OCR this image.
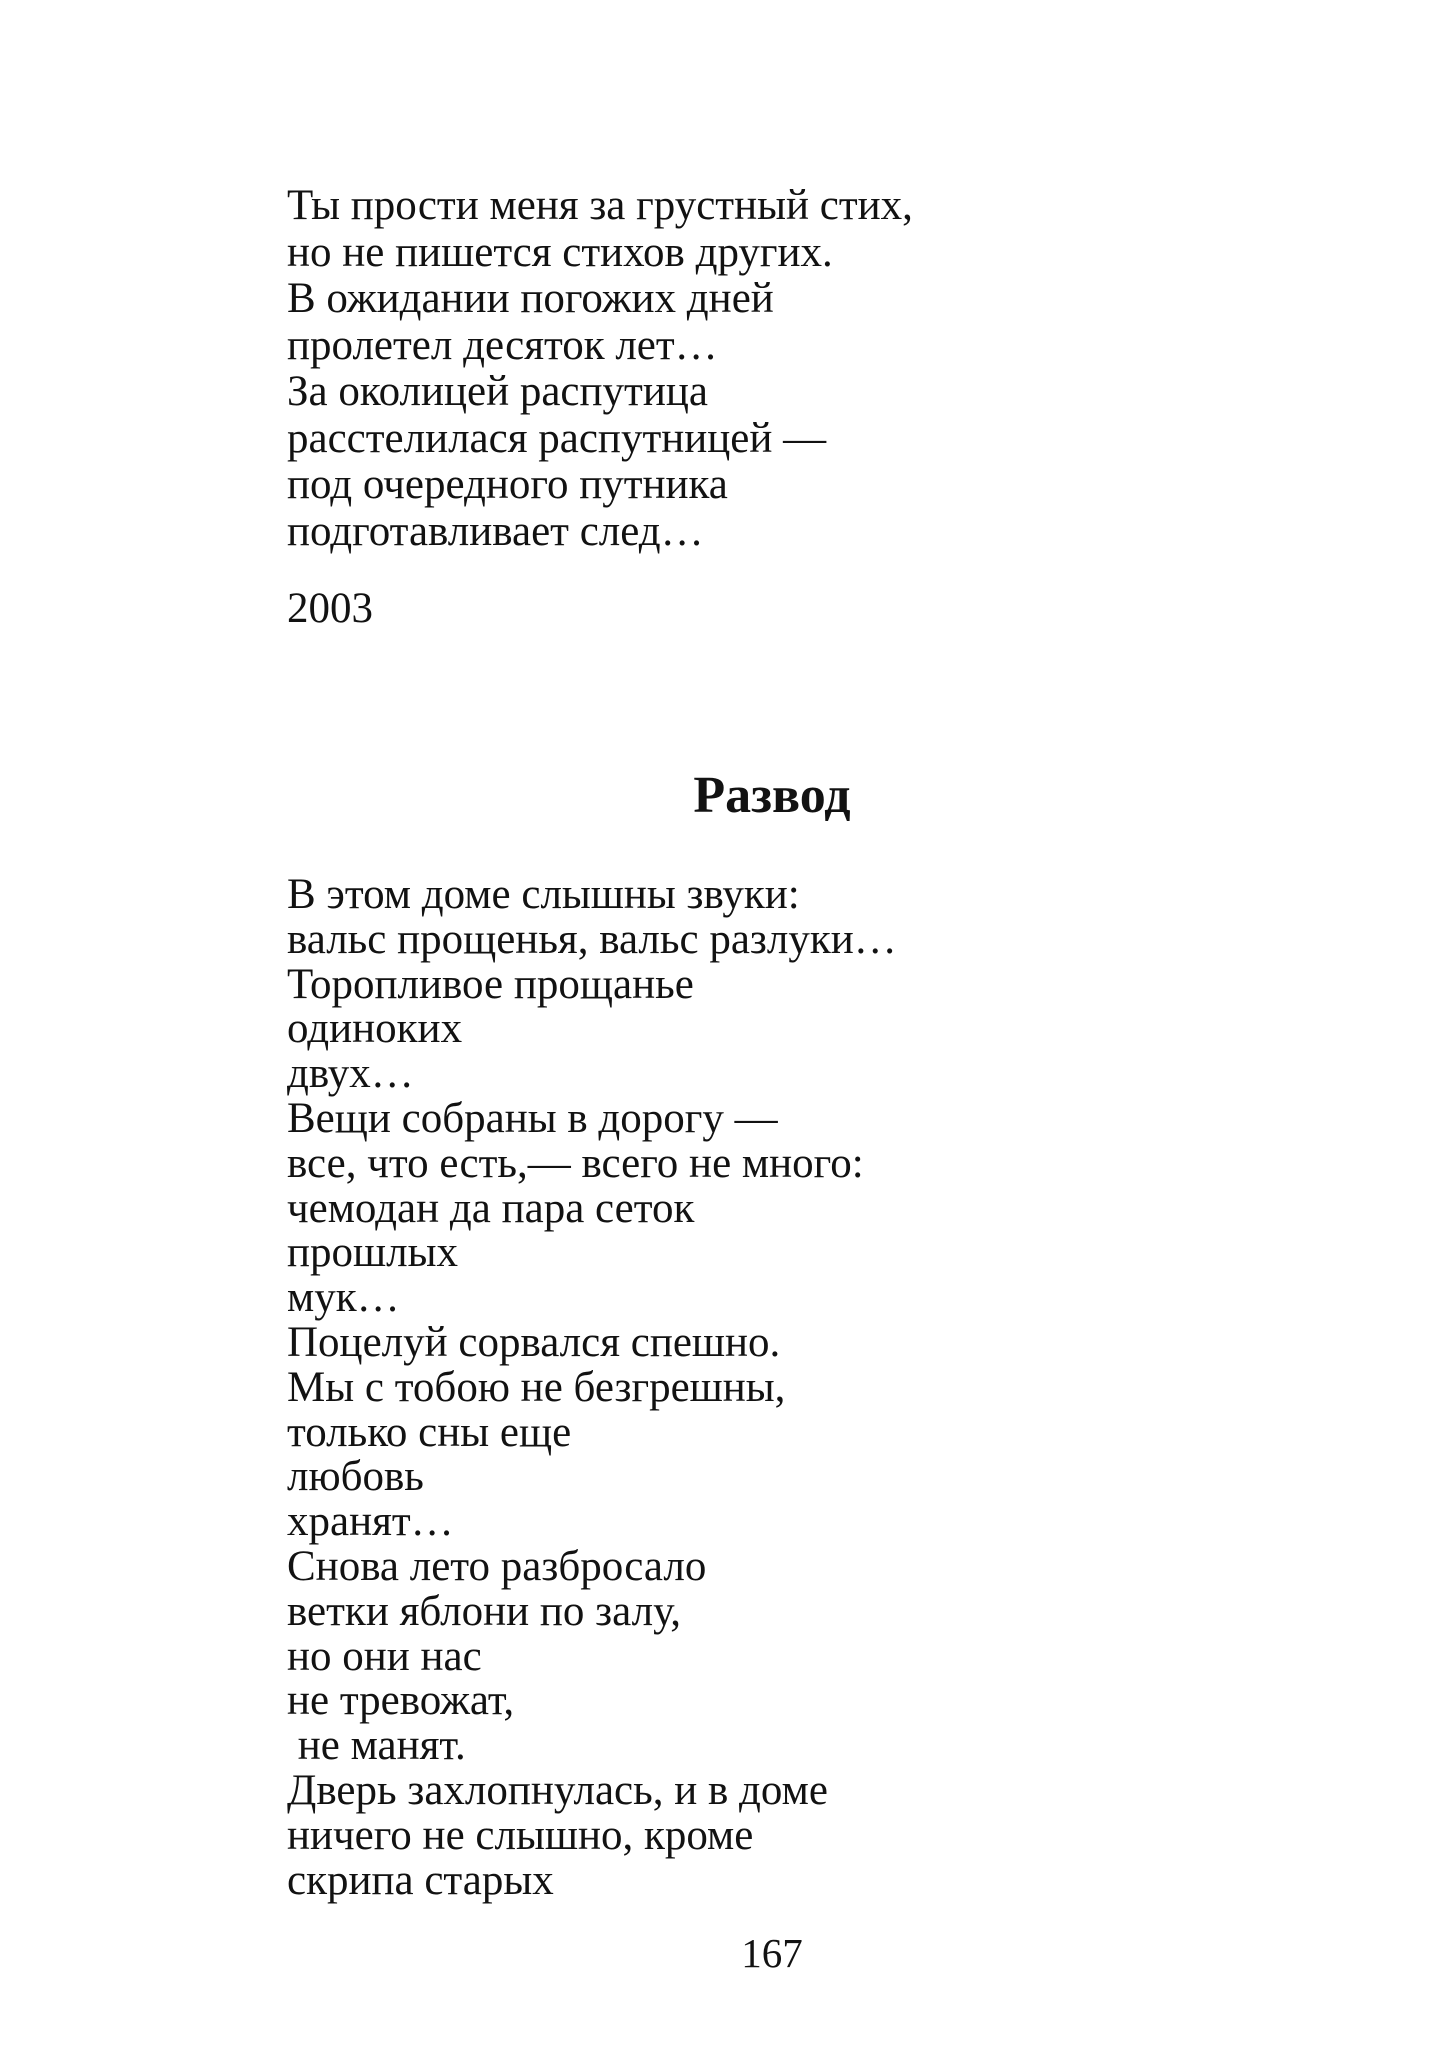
Ты прости меня за грустный стих,
но не пишется стихов других.
В ожидании погожих дней
пролетел десяток лет…
За околицей распутица
расстелилася распутницей —
под очередного путника
подготавливает след…
2003
Развод
В этом доме слышны звуки:
вальс прощенья, вальс разлуки…
Торопливое прощанье
одиноких
двух…
Вещи собраны в дорогу —
все, что есть,— всего не много:
чемодан да пара сеток
прошлых
мук…
Поцелуй сорвался спешно.
Мы с тобою не безгрешны,
только сны еще
любовь
хранят…
Снова лето разбросало
ветки яблони по залу,
но они нас
не тревожат,
не манят.
Дверь захлопнулась, и в доме
ничего не слышно, кроме
скрипа старых
167
